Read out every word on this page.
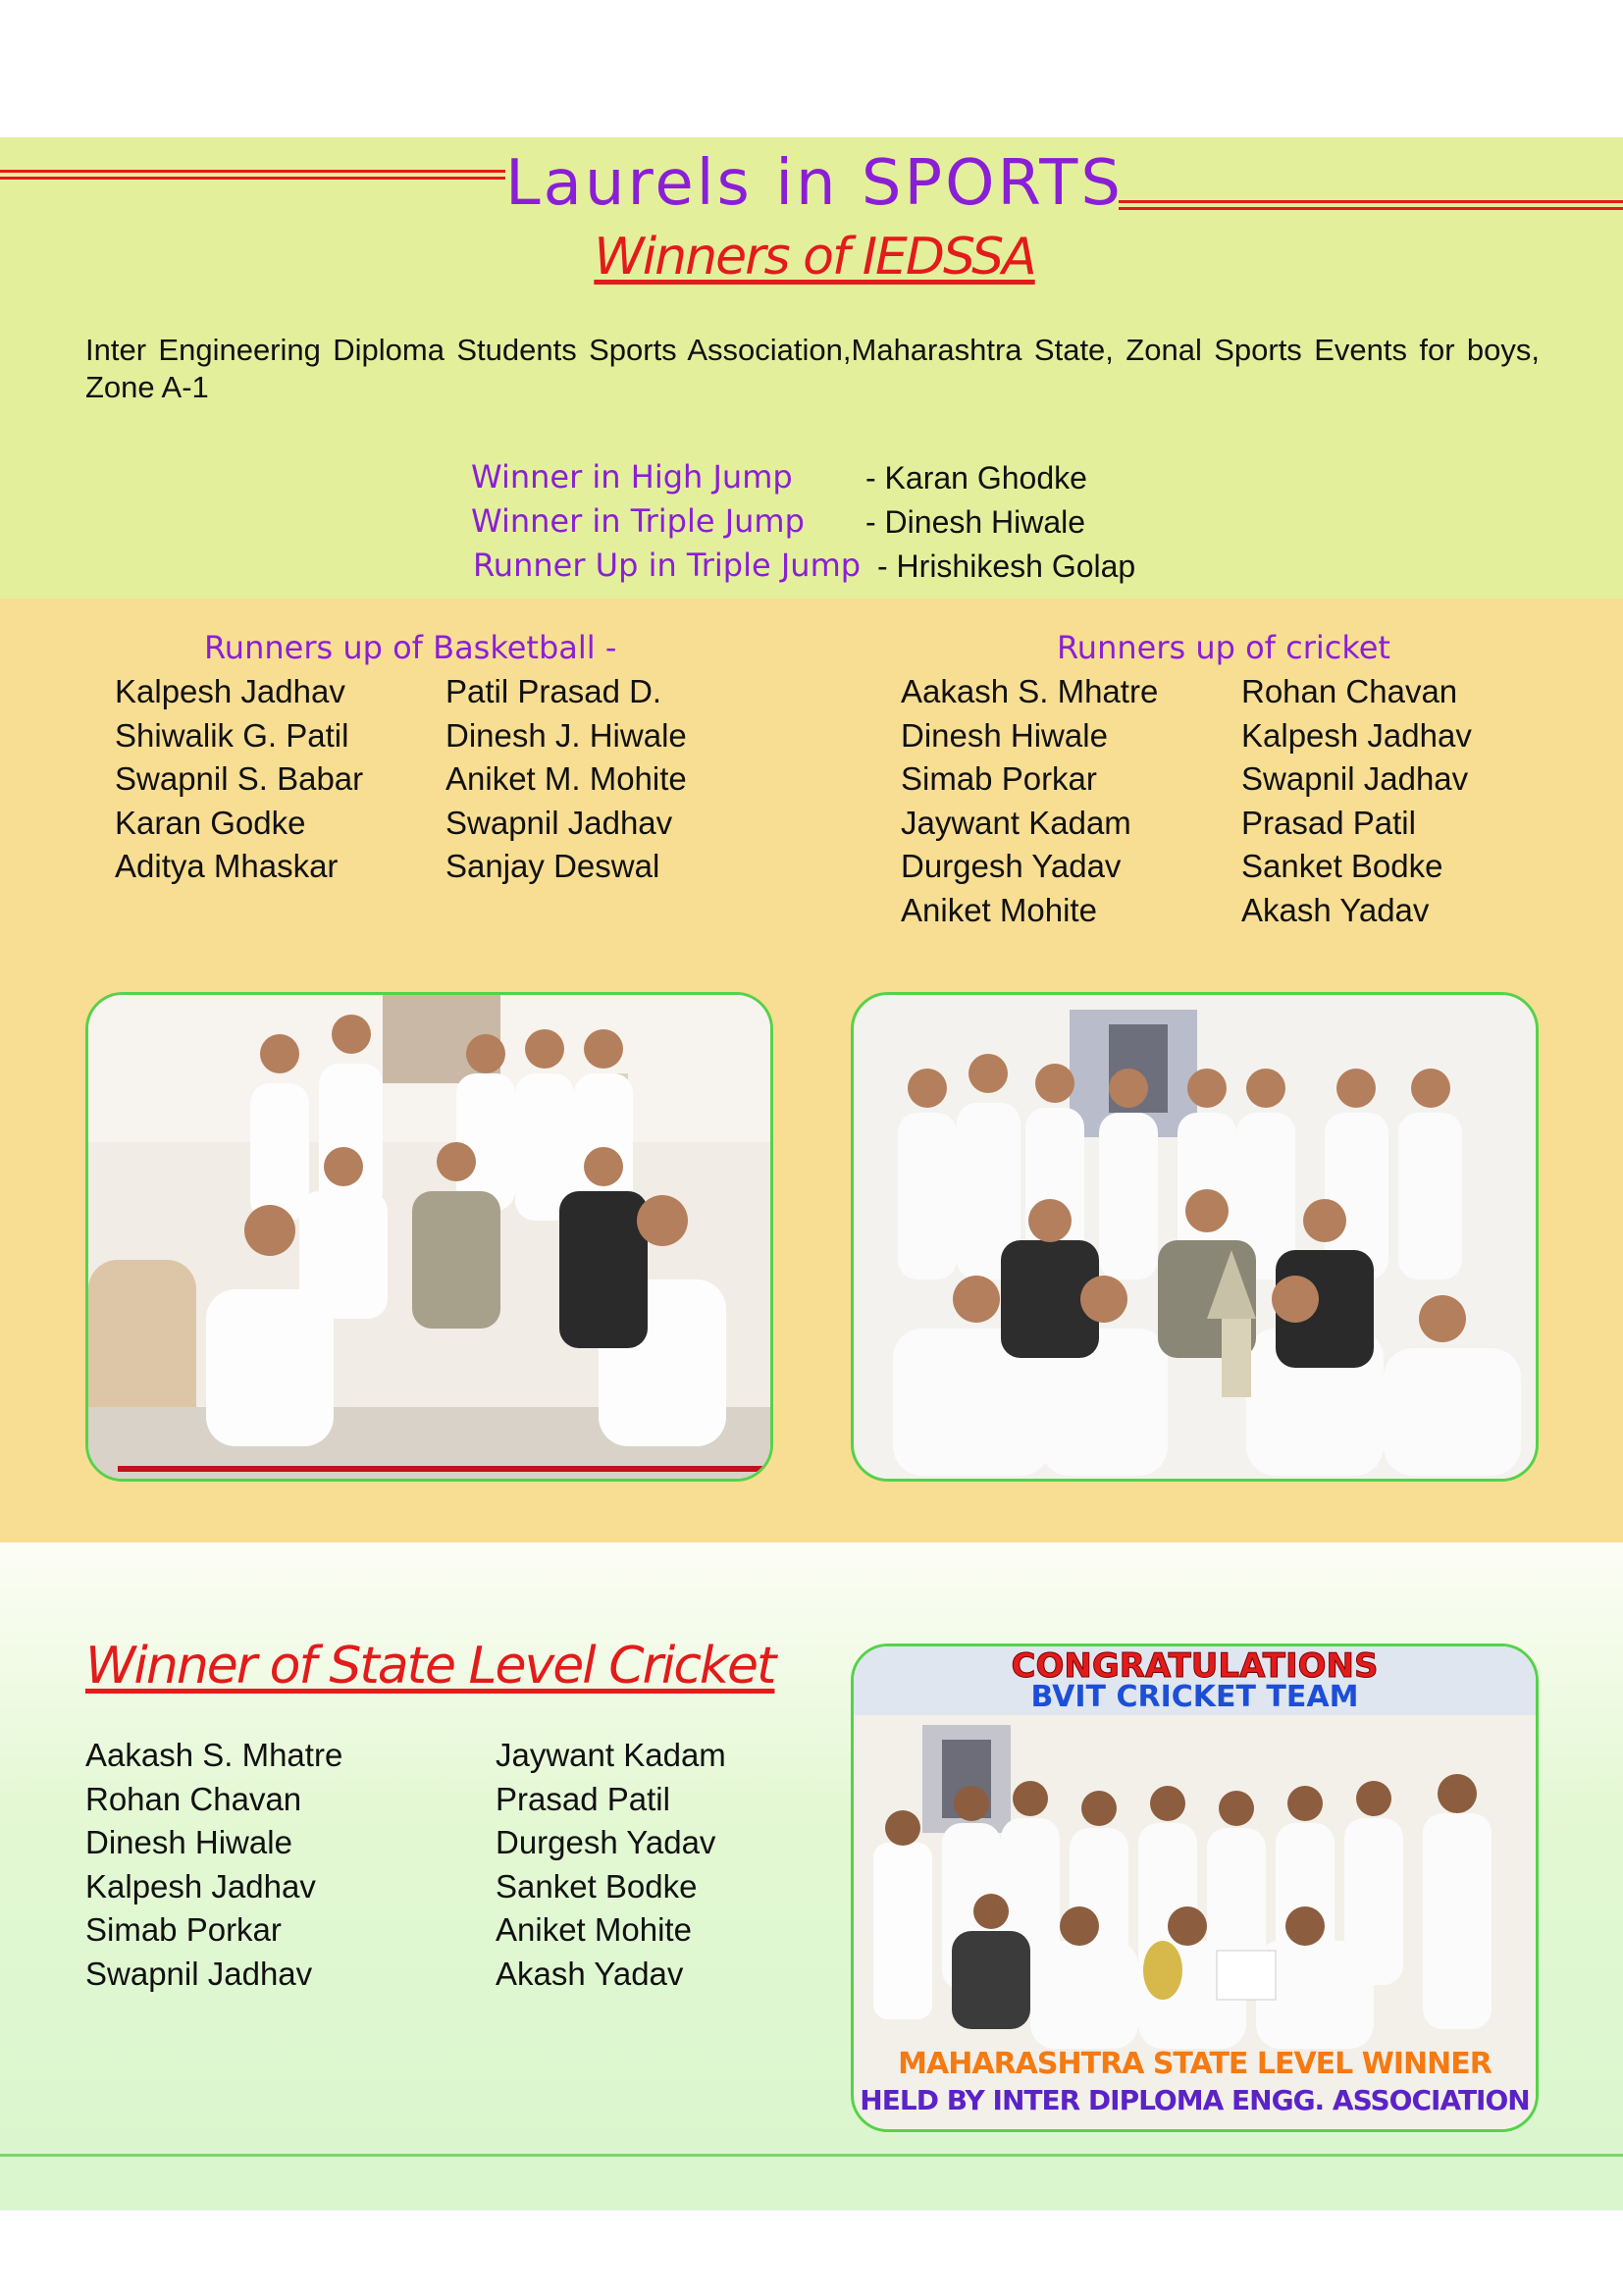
Laurels in SPORTS
Winners of IEDSSA
Inter Engineering Diploma Students Sports Association,Maharashtra State, Zonal Sports Events for boys, Zone A-1
Winner in High Jump - Karan Ghodke
Winner in Triple Jump - Dinesh Hiwale
Runner Up in Triple Jump - Hrishikesh Golap
Runners up of Basketball -
Kalpesh Jadhav
Shiwalik G. Patil
Swapnil S. Babar
Karan Godke
Aditya Mhaskar
Patil Prasad D.
Dinesh J. Hiwale
Aniket M. Mohite
Swapnil Jadhav
Sanjay Deswal
Runners up of cricket
Aakash S. Mhatre
Dinesh Hiwale
Simab Porkar
Jaywant Kadam
Durgesh Yadav
Aniket Mohite
Rohan Chavan
Kalpesh Jadhav
Swapnil Jadhav
Prasad Patil
Sanket Bodke
Akash Yadav
Winner of State Level Cricket
Aakash S. Mhatre
Rohan Chavan
Dinesh Hiwale
Kalpesh Jadhav
Simab Porkar
Swapnil Jadhav
Jaywant Kadam
Prasad Patil
Durgesh Yadav
Sanket Bodke
Aniket Mohite
Akash Yadav
CONGRATULATIONS
BVIT CRICKET TEAM
MAHARASHTRA STATE LEVEL WINNER
HELD BY INTER DIPLOMA ENGG. ASSOCIATION
